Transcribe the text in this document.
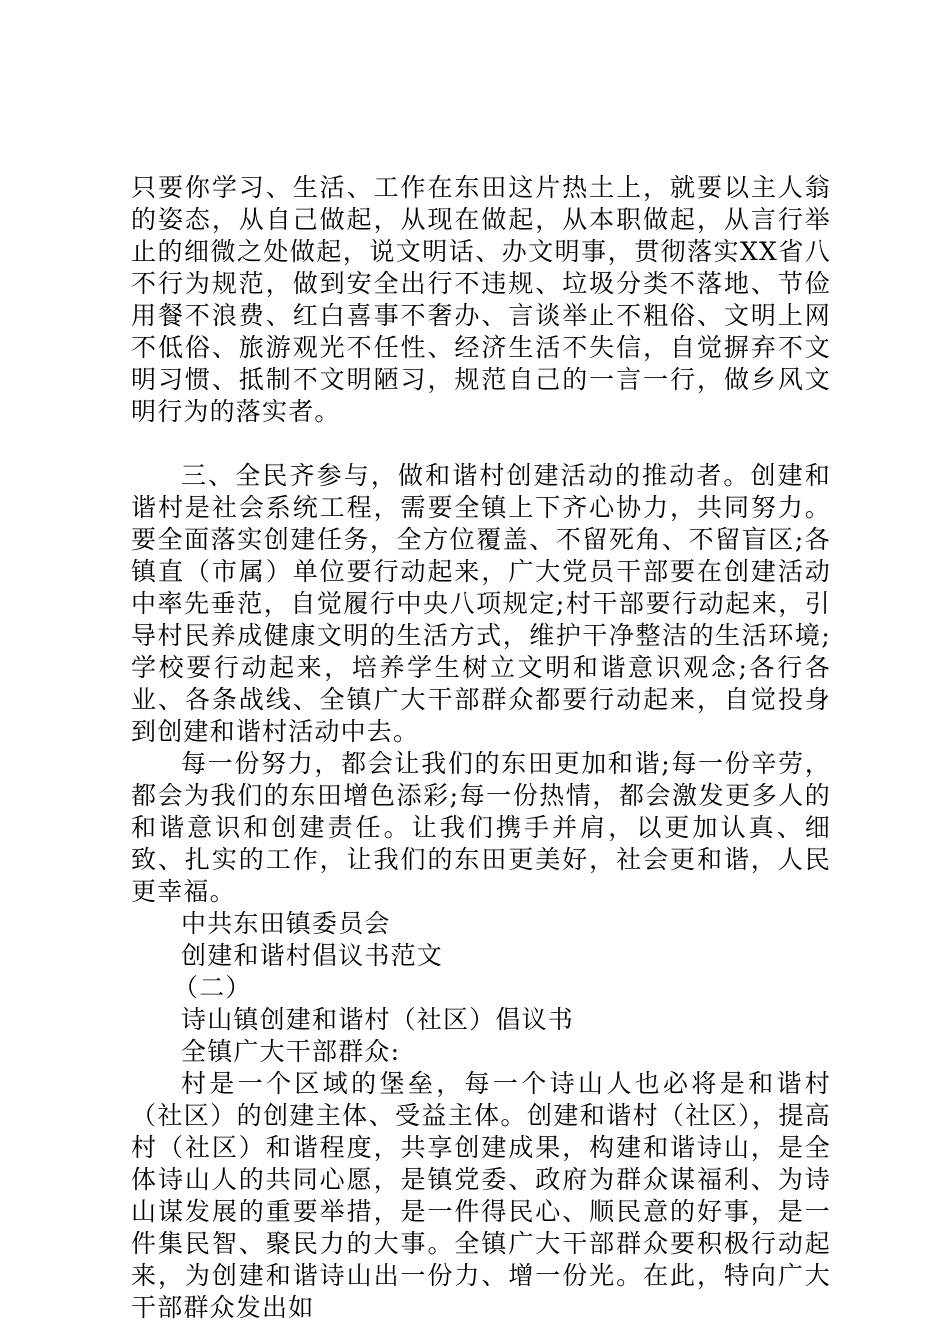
只要你学习、生活、工作在东田这片热土上，就要以主人翁的姿态，从自己做起，从现在做起，从本职做起，从言行举止的细微之处做起，说文明话、办文明事，贯彻落实XX省八不行为规范，做到安全出行不违规、垃圾分类不落地、节俭用餐不浪费、红白喜事不奢办、言谈举止不粗俗、文明上网不低俗、旅游观光不任性、经济生活不失信，自觉摒弃不文明习惯、抵制不文明陋习，规范自己的一言一行，做乡风文明行为的落实者。

三、全民齐参与，做和谐村创建活动的推动者。创建和谐村是社会系统工程，需要全镇上下齐心协力，共同努力。要全面落实创建任务，全方位覆盖、不留死角、不留盲区;各镇直（市属）单位要行动起来，广大党员干部要在创建活动中率先垂范，自觉履行中央八项规定;村干部要行动起来，引导村民养成健康文明的生活方式，维护干净整洁的生活环境;学校要行动起来，培养学生树立文明和谐意识观念;各行各业、各条战线、全镇广大干部群众都要行动起来，自觉投身到创建和谐村活动中去。

每一份努力，都会让我们的东田更加和谐;每一份辛劳，都会为我们的东田增色添彩;每一份热情，都会激发更多人的和谐意识和创建责任。让我们携手并肩，以更加认真、细致、扎实的工作，让我们的东田更美好，社会更和谐，人民更幸福。

中共东田镇委员会

创建和谐村倡议书范文

（二）

诗山镇创建和谐村（社区）倡议书

全镇广大干部群众:

村是一个区域的堡垒，每一个诗山人也必将是和谐村（社区）的创建主体、受益主体。创建和谐村（社区），提高村（社区）和谐程度，共享创建成果，构建和谐诗山，是全体诗山人的共同心愿，是镇党委、政府为群众谋福利、为诗山谋发展的重要举措，是一件得民心、顺民意的好事，是一件集民智、聚民力的大事。全镇广大干部群众要积极行动起来，为创建和谐诗山出一份力、增一份光。在此，特向广大干部群众发出如
